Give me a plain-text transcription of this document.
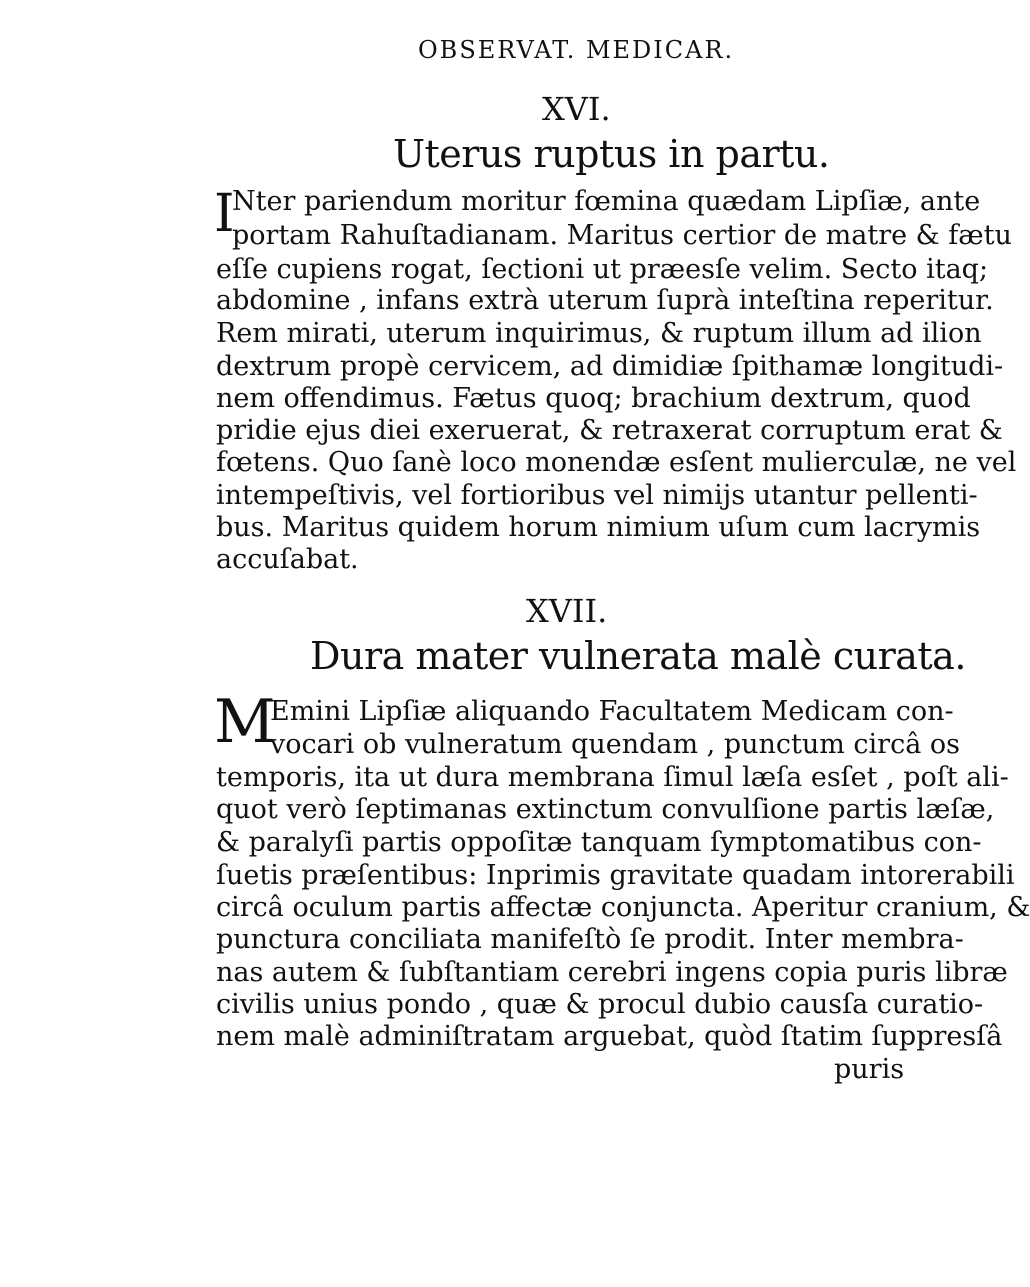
OBSERVAT. MEDICAR.
XVI.
Uterus ruptus in partu.
I
Nter pariendum moritur fœmina quædam Lipſiæ, ante
portam Rahuſtadianam. Maritus certior de matre & fætu
eſſe cupiens rogat, ſectioni ut præesſe velim. Secto itaq;
abdomine , infans extrà uterum ſuprà inteſtina reperitur.
Rem mirati, uterum inquirimus, & ruptum illum ad ilion
dextrum propè cervicem, ad dimidiæ ſpithamæ longitudi-
nem offendimus. Fætus quoq; brachium dextrum, quod
pridie ejus diei exeruerat, & retraxerat corruptum erat &
fœtens. Quo ſanè loco monendæ esſent mulierculæ, ne vel
intempeſtivis, vel fortioribus vel nimijs utantur pellenti-
bus. Maritus quidem horum nimium uſum cum lacrymis
accuſabat.
XVII.
Dura mater vulnerata malè curata.
M
Emini Lipſiæ aliquando Facultatem Medicam con-
vocari ob vulneratum quendam , punctum circâ os
temporis, ita ut dura membrana ſimul læſa esſet , poſt ali-
quot verò ſeptimanas extinctum convulſione partis læſæ,
& paralyſi partis oppoſitæ tanquam ſymptomatibus con-
ſuetis præſentibus: Inprimis gravitate quadam intorerabili
circâ oculum partis affectæ conjuncta. Aperitur cranium, &
punctura conciliata manifeſtò ſe prodit. Inter membra-
nas autem & ſubſtantiam cerebri ingens copia puris libræ
civilis unius pondo , quæ & procul dubio causſa curatio-
nem malè adminiſtratam arguebat, quòd ſtatim ſuppresſâ
puris
